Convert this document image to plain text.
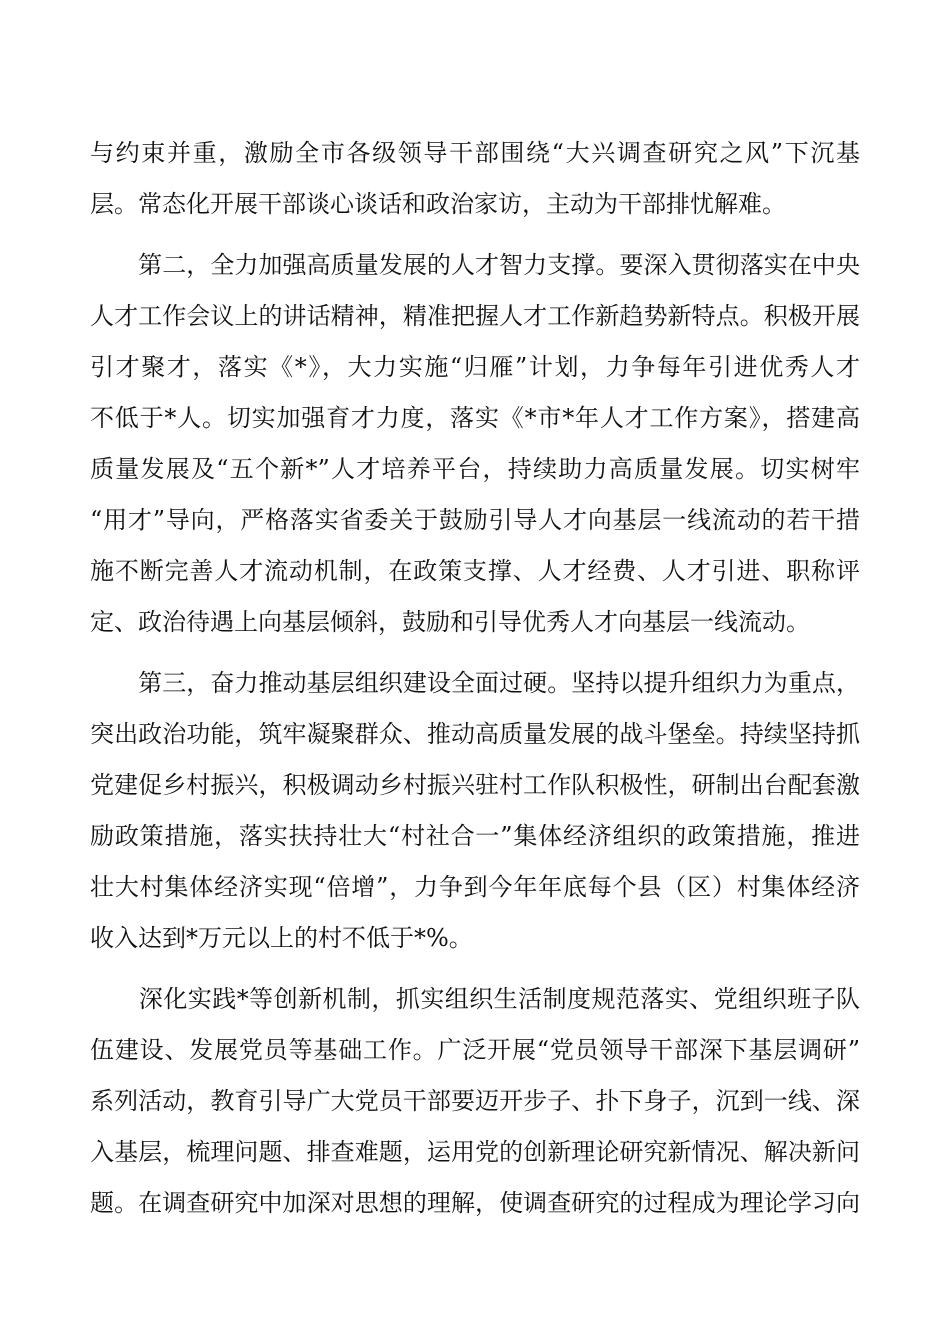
与约束并重，激励全市各级领导干部围绕“大兴调查研究之风”下沉基
层。常态化开展干部谈心谈话和政治家访，主动为干部排忧解难。
　　第二，全力加强高质量发展的人才智力支撑。要深入贯彻落实在中央
人才工作会议上的讲话精神，精准把握人才工作新趋势新特点。积极开展
引才聚才，落实《*》，大力实施“归雁”计划，力争每年引进优秀人才
不低于*人。切实加强育才力度，落实《*市*年人才工作方案》，搭建高
质量发展及“五个新*”人才培养平台，持续助力高质量发展。切实树牢
“用才”导向，严格落实省委关于鼓励引导人才向基层一线流动的若干措
施不断完善人才流动机制，在政策支撑、人才经费、人才引进、职称评
定、政治待遇上向基层倾斜，鼓励和引导优秀人才向基层一线流动。
　　第三，奋力推动基层组织建设全面过硬。坚持以提升组织力为重点，
突出政治功能，筑牢凝聚群众、推动高质量发展的战斗堡垒。持续坚持抓
党建促乡村振兴，积极调动乡村振兴驻村工作队积极性，研制出台配套激
励政策措施，落实扶持壮大“村社合一”集体经济组织的政策措施，推进
壮大村集体经济实现“倍增”，力争到今年年底每个县（区）村集体经济
收入达到*万元以上的村不低于*%。
　　深化实践*等创新机制，抓实组织生活制度规范落实、党组织班子队
伍建设、发展党员等基础工作。广泛开展“党员领导干部深下基层调研”
系列活动，教育引导广大党员干部要迈开步子、扑下身子，沉到一线、深
入基层，梳理问题、排查难题，运用党的创新理论研究新情况、解决新问
题。在调查研究中加深对思想的理解，使调查研究的过程成为理论学习向
